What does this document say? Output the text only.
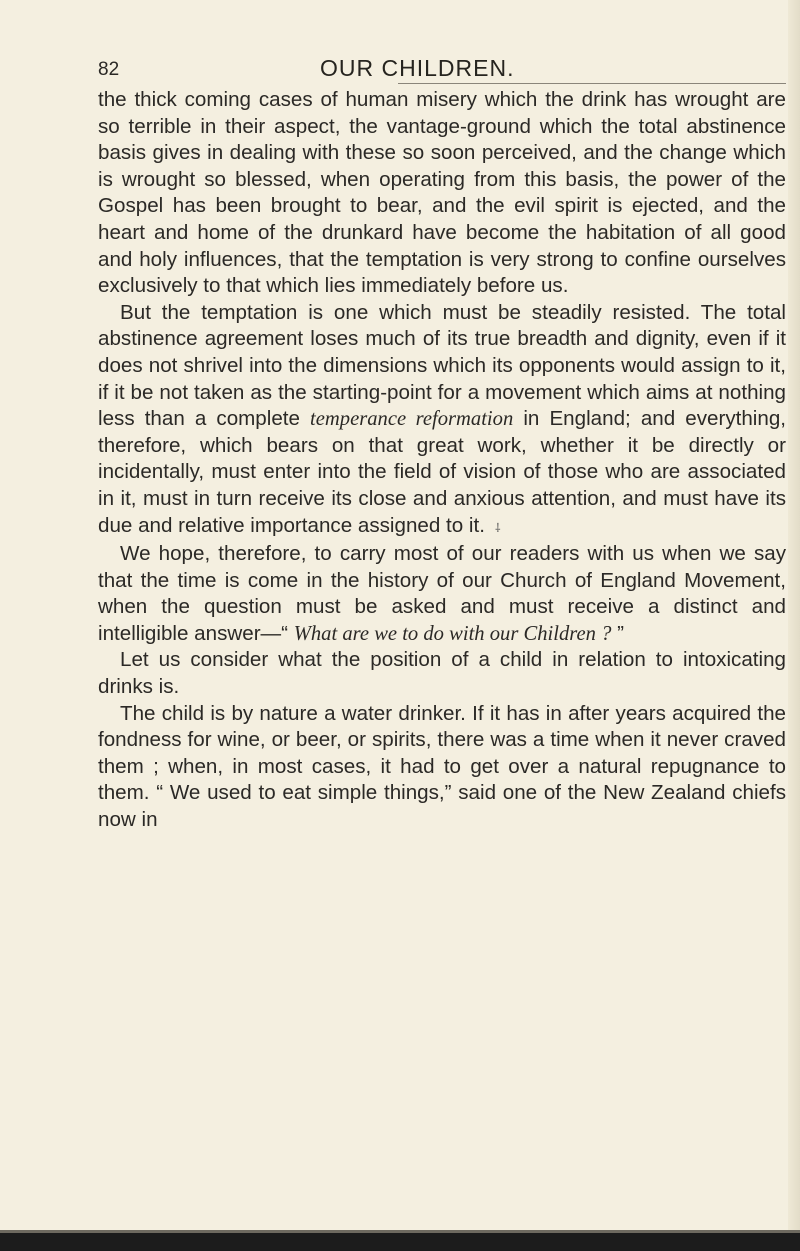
82	OUR CHILDREN.

the thick coming cases of human misery which the drink has wrought are so terrible in their aspect, the vantage-ground which the total abstinence basis gives in dealing with these so soon perceived, and the change which is wrought so blessed, when operating from this basis, the power of the Gospel has been brought to bear, and the evil spirit is ejected, and the heart and home of the drunkard have become the habitation of all good and holy influences, that the temptation is very strong to confine ourselves exclusively to that which lies immediately before us.

But the temptation is one which must be steadily resisted. The total abstinence agreement loses much of its true breadth and dignity, even if it does not shrivel into the dimensions which its opponents would assign to it, if it be not taken as the starting-point for a movement which aims at nothing less than a complete temperance reformation in England; and everything, therefore, which bears on that great work, whether it be directly or incidentally, must enter into the field of vision of those who are associated in it, must in turn receive its close and anxious attention, and must have its due and relative importance assigned to it. ⸸

We hope, therefore, to carry most of our readers with us when we say that the time is come in the history of our Church of England Movement, when the question must be asked and must receive a distinct and intelligible answer—“ What are we to do with our Children ? ”

Let us consider what the position of a child in relation to intoxicating drinks is.

The child is by nature a water drinker. If it has in after years acquired the fondness for wine, or beer, or spirits, there was a time when it never craved them ; when, in most cases, it had to get over a natural repugnance to them. “ We used to eat simple things,” said one of the New Zealand chiefs now in
